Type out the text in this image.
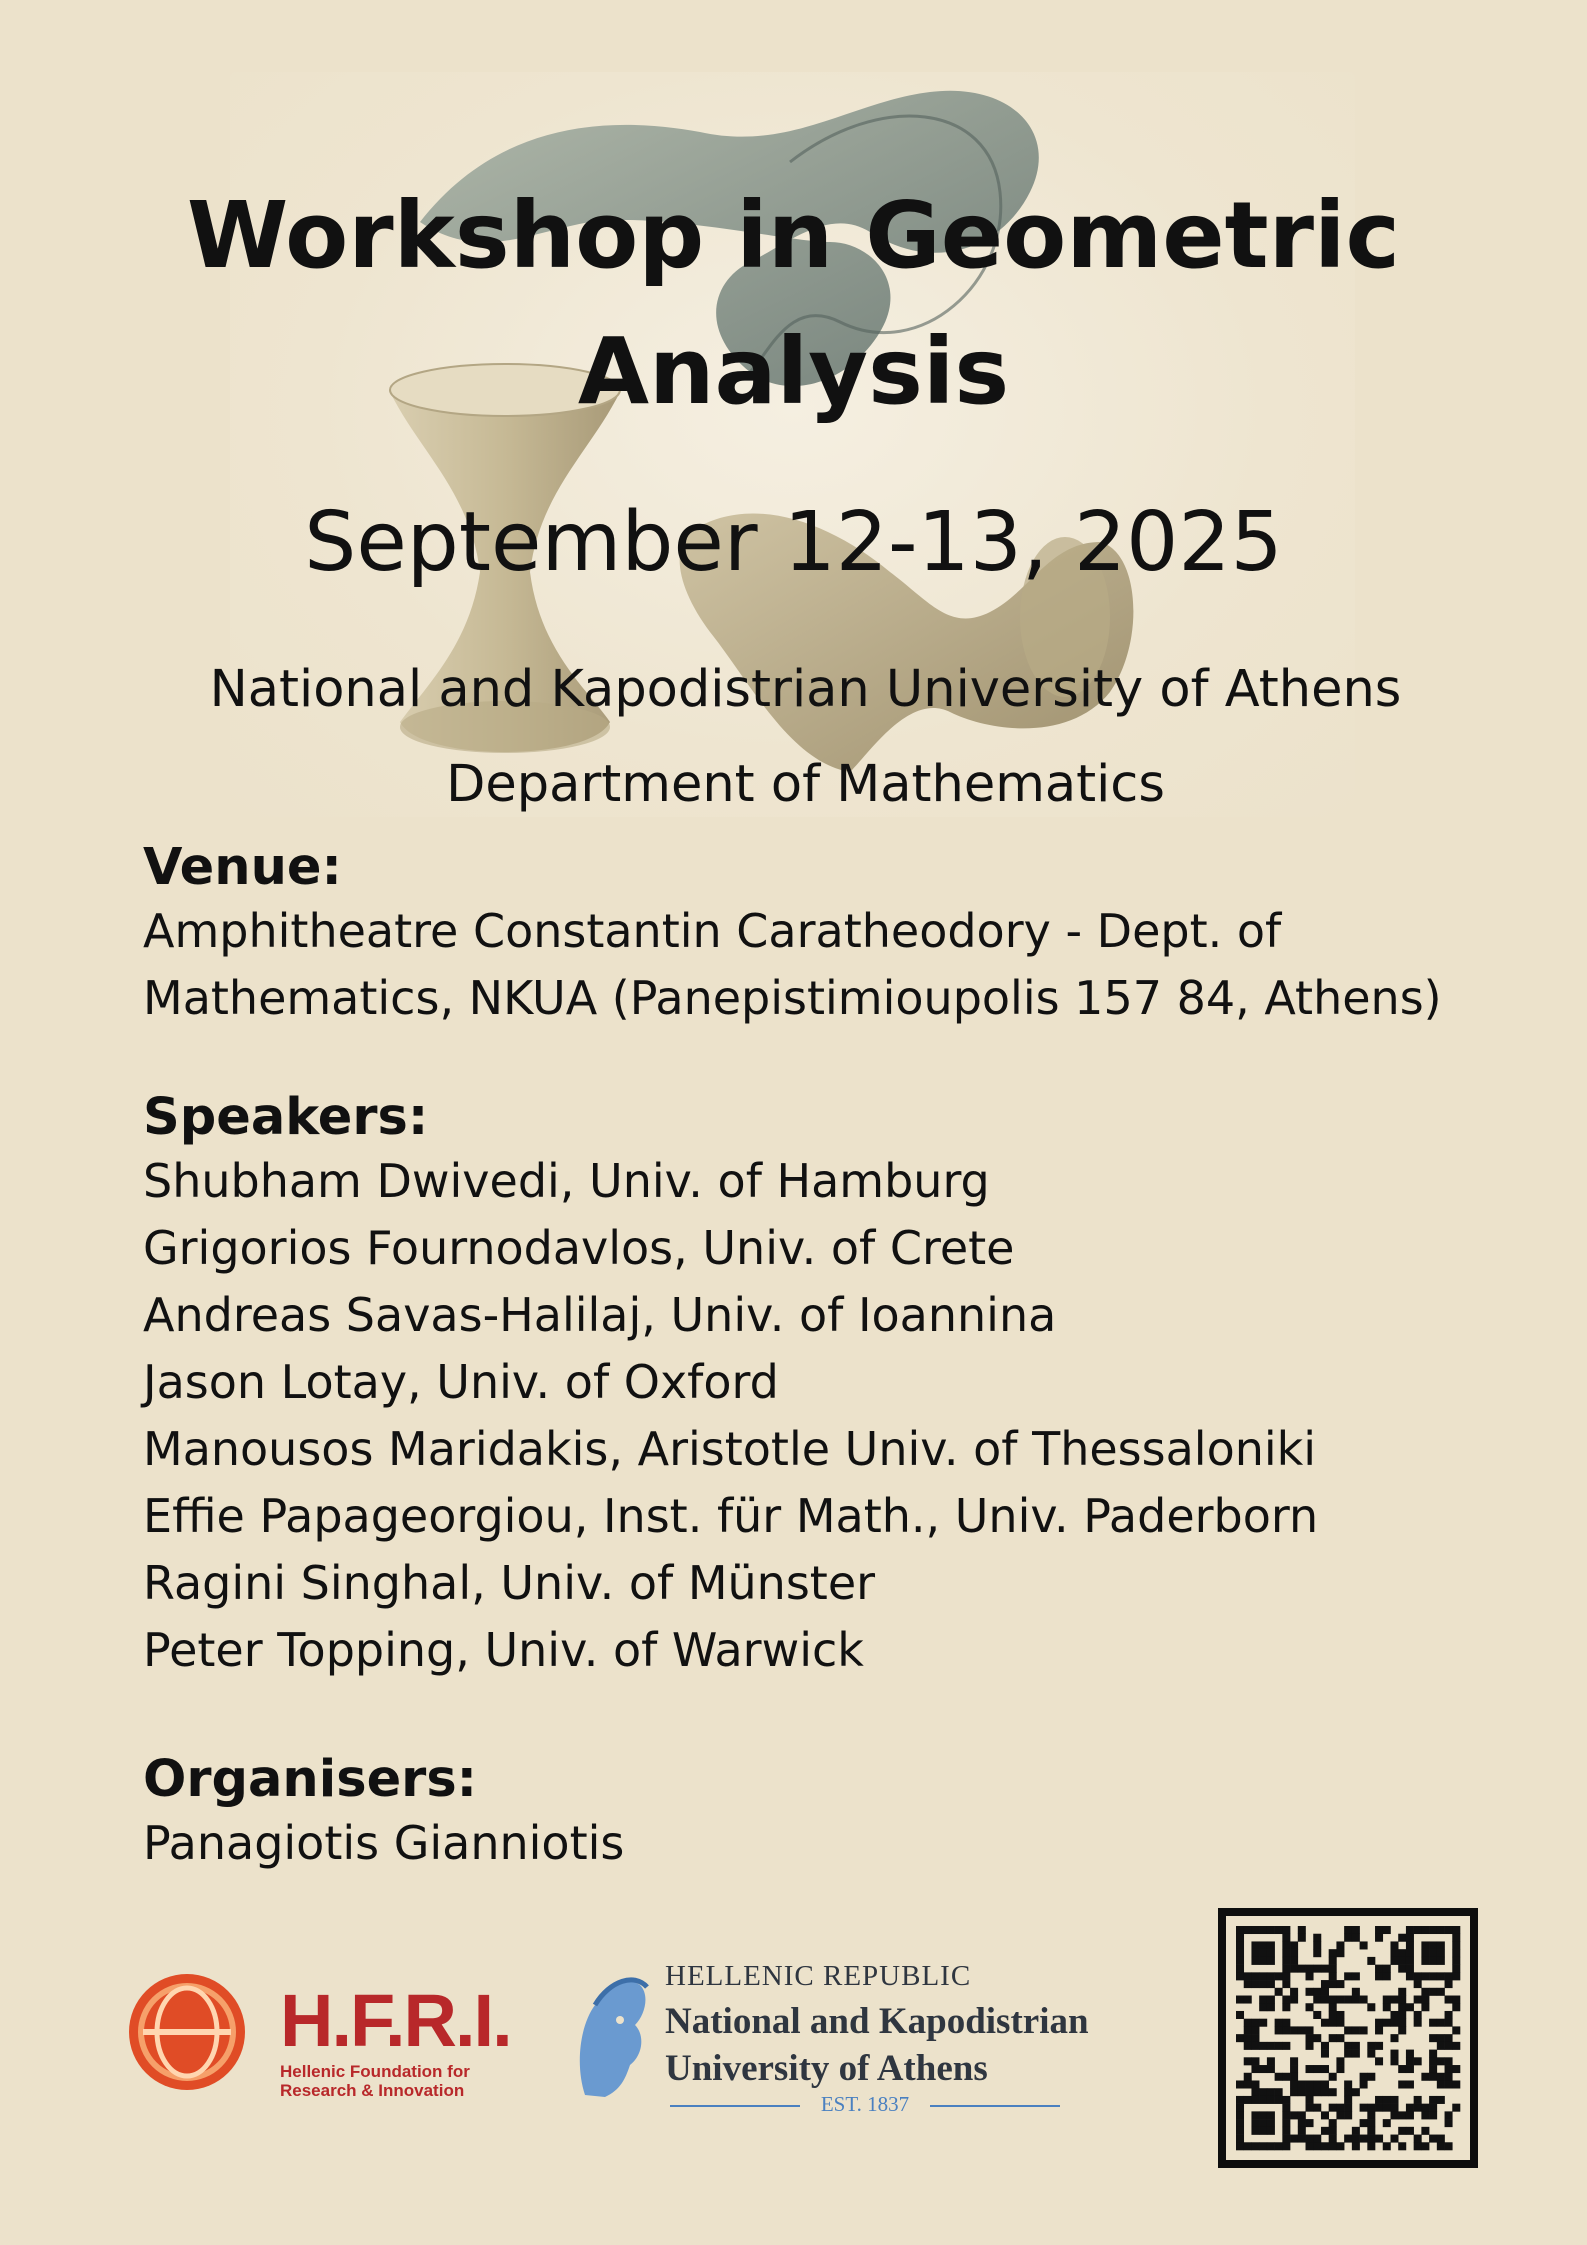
Workshop in Geometric
Analysis
September 12-13, 2025
National and Kapodistrian University of Athens
Department of Mathematics
Venue:
Amphitheatre Constantin Caratheodory - Dept. of
Mathematics, NKUA (Panepistimioupolis 157 84, Athens)
Speakers:
Shubham Dwivedi, Univ. of Hamburg
Grigorios Fournodavlos, Univ. of Crete
Andreas Savas-Halilaj, Univ. of Ioannina
Jason Lotay, Univ. of Oxford
Manousos Maridakis, Aristotle Univ. of Thessaloniki
Effie Papageorgiou, Inst. für Math., Univ. Paderborn
Ragini Singhal, Univ. of Münster
Peter Topping, Univ. of Warwick
Organisers:
Panagiotis Gianniotis
H.F.R.I.
Hellenic Foundation for
Research & Innovation
HELLENIC REPUBLIC
National and Kapodistrian
University of Athens
EST. 1837
